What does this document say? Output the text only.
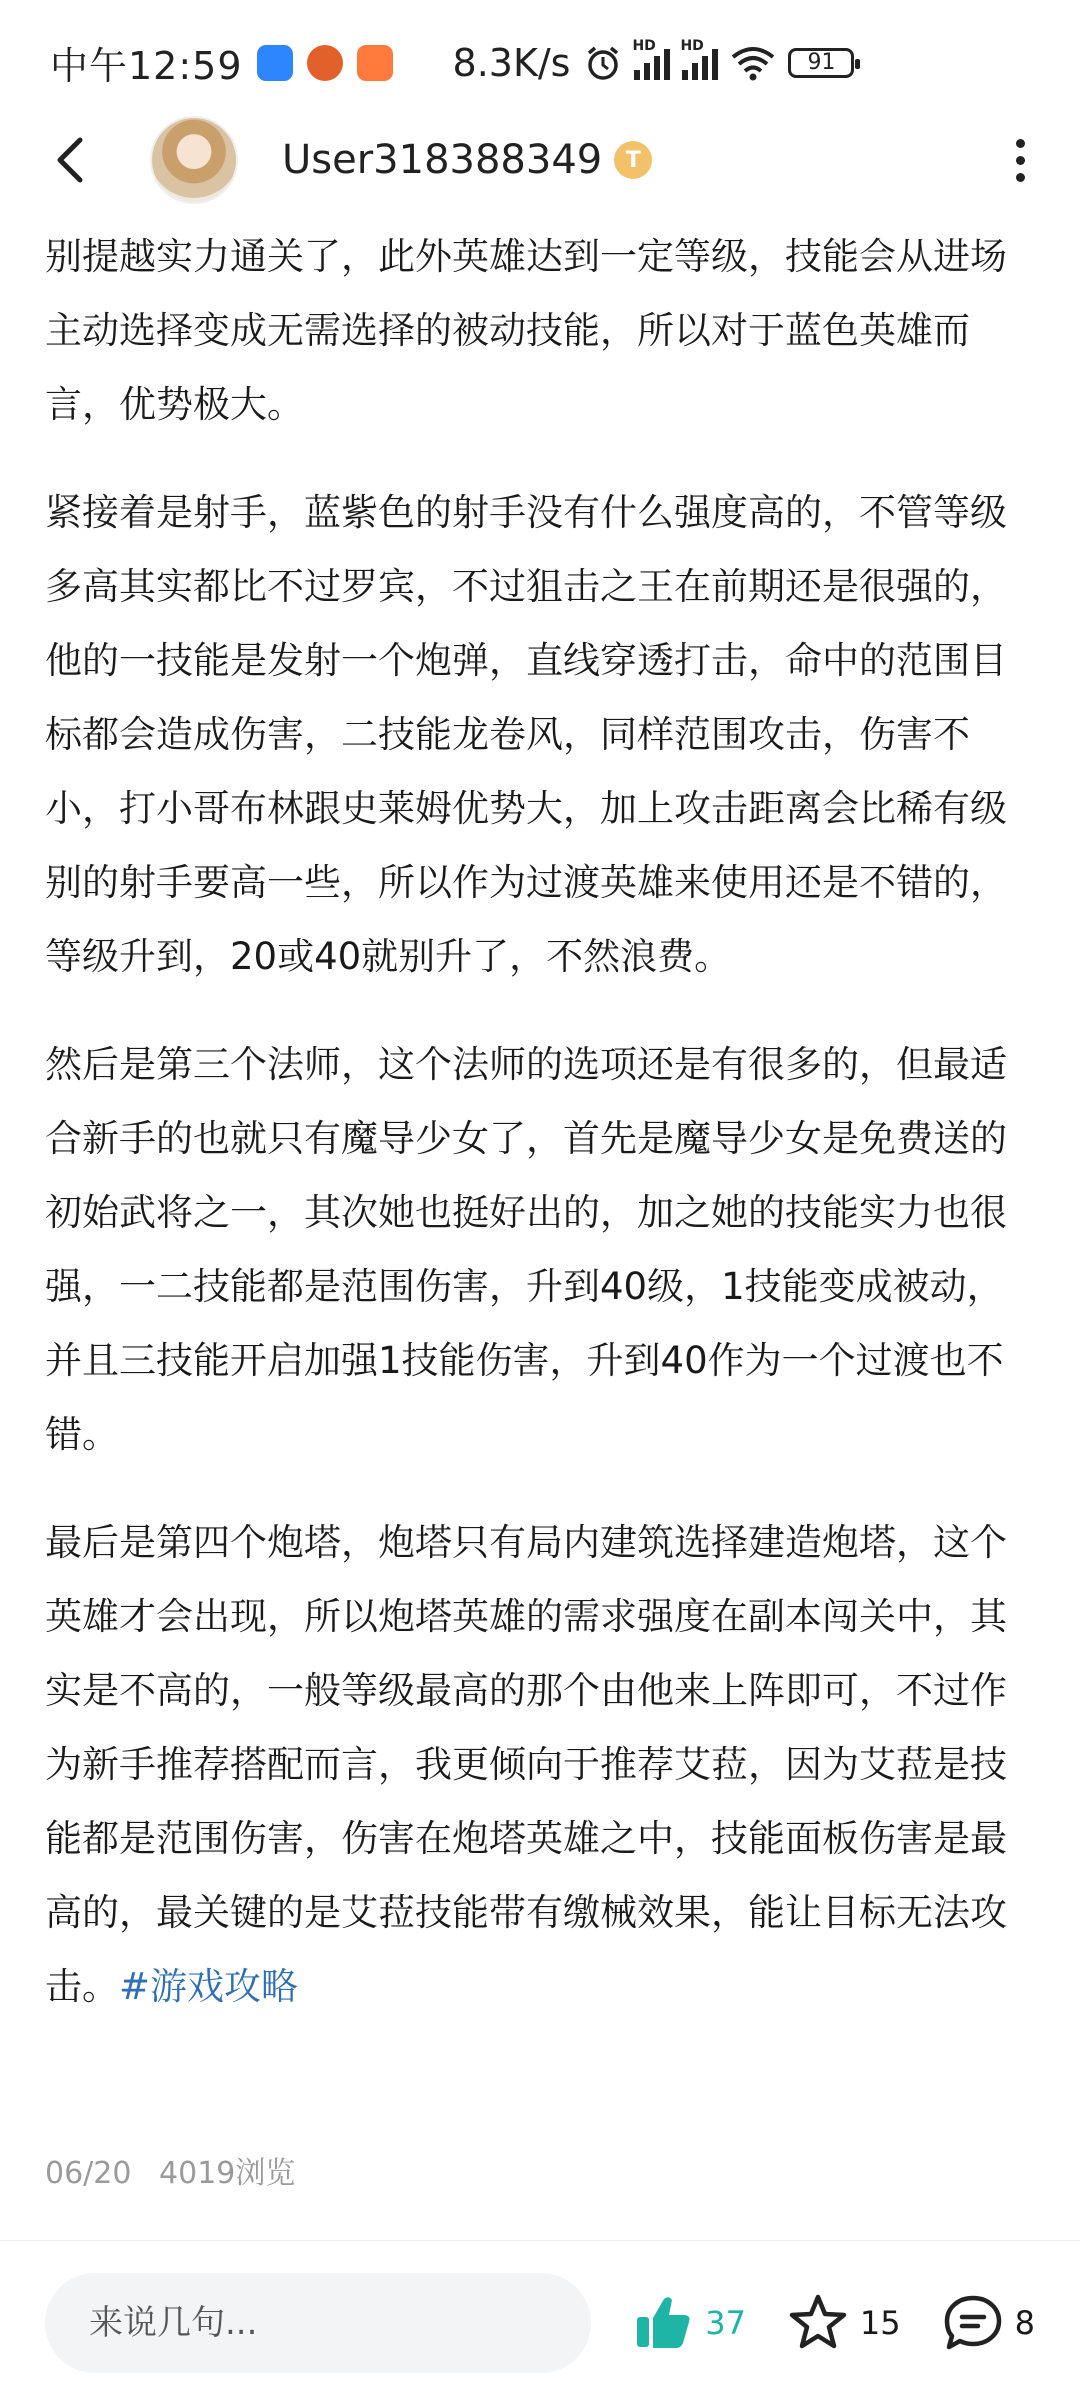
中午12:59	8.3K/s	HD HD
91
User318388349	T

别提越实力通关了，此外英雄达到一定等级，技能会从进场主动选择变成无需选择的被动技能，所以对于蓝色英雄而言，优势极大。

紧接着是射手，蓝紫色的射手没有什么强度高的，不管等级多高其实都比不过罗宾，不过狙击之王在前期还是很强的，他的一技能是发射一个炮弹，直线穿透打击，命中的范围目标都会造成伤害，二技能龙卷风，同样范围攻击，伤害不小，打小哥布林跟史莱姆优势大，加上攻击距离会比稀有级别的射手要高一些，所以作为过渡英雄来使用还是不错的，等级升到，20或40就别升了，不然浪费。

然后是第三个法师，这个法师的选项还是有很多的，但最适合新手的也就只有魔导少女了，首先是魔导少女是免费送的初始武将之一，其次她也挺好出的，加之她的技能实力也很强，一二技能都是范围伤害，升到40级，1技能变成被动，并且三技能开启加强1技能伤害，升到40作为一个过渡也不错。

最后是第四个炮塔，炮塔只有局内建筑选择建造炮塔，这个英雄才会出现，所以炮塔英雄的需求强度在副本闯关中，其实是不高的，一般等级最高的那个由他来上阵即可，不过作为新手推荐搭配而言，我更倾向于推荐艾菈，因为艾菈是技能都是范围伤害，伤害在炮塔英雄之中，技能面板伤害是最高的，最关键的是艾菈技能带有缴械效果，能让目标无法攻击。#游戏攻略

06/20 4019浏览
来说几句...
37	15	8
